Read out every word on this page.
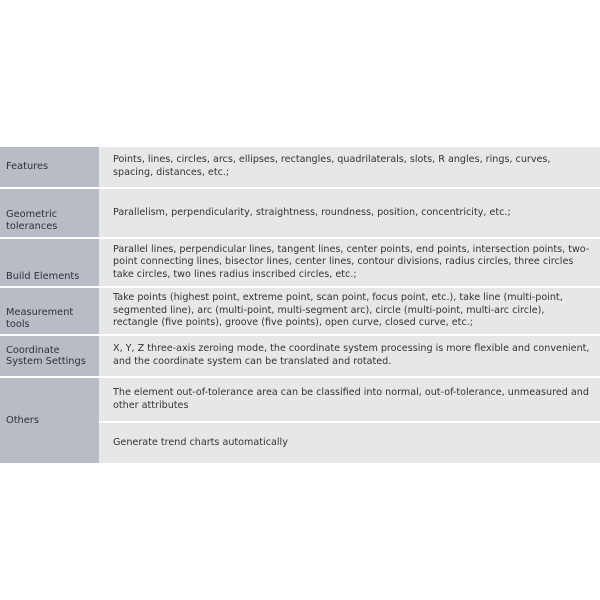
Features	Points, lines, circles, arcs, ellipses, rectangles, quadrilaterals, slots, R angles, rings, curves, spacing, distances, etc.;
Geometric tolerances	Parallelism, perpendicularity, straightness, roundness, position, concentricity, etc.;
Build Elements	Parallel lines, perpendicular lines, tangent lines, center points, end points, intersection points, two-point connecting lines, bisector lines, center lines, contour divisions, radius circles, three circles take circles, two lines radius inscribed circles, etc.;
Measurement tools	Take points (highest point, extreme point, scan point, focus point, etc.), take line (multi-point, segmented line), arc (multi-point, multi-segment arc), circle (multi-point, multi-arc circle), rectangle (five points), groove (five points), open curve, closed curve, etc.;
Coordinate System Settings	X, Y, Z three-axis zeroing mode, the coordinate system processing is more flexible and convenient, and the coordinate system can be translated and rotated.
Others	The element out-of-tolerance area can be classified into normal, out-of-tolerance, unmeasured and other attributes
	Generate trend charts automatically
